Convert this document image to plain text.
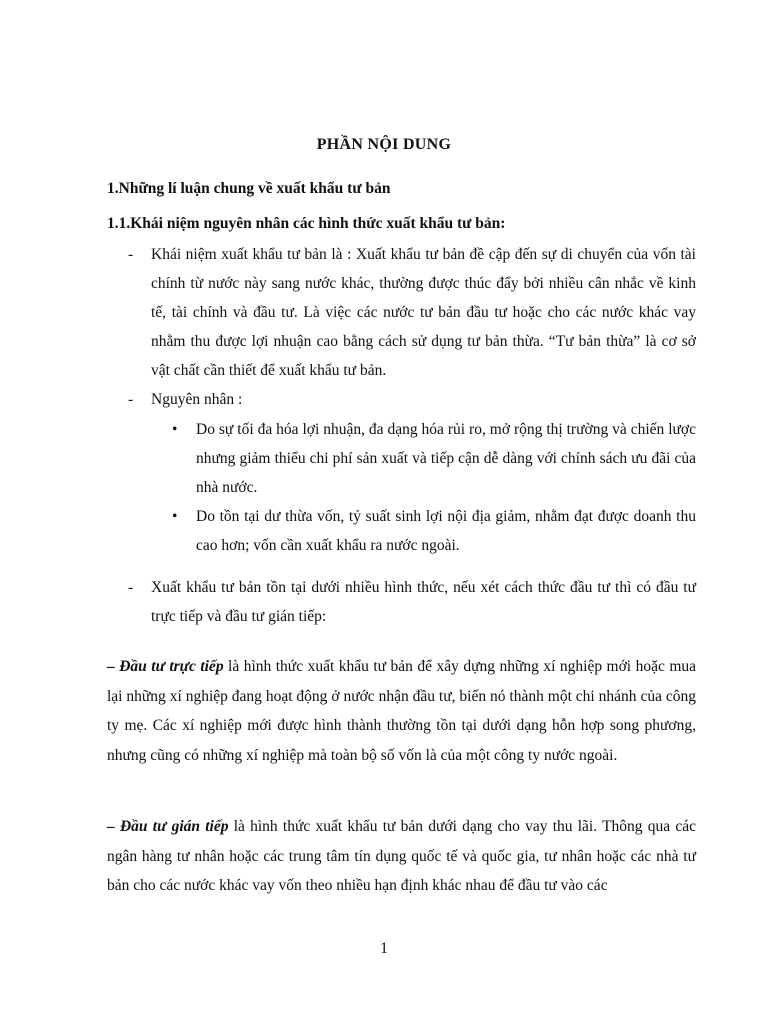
PHẦN NỘI DUNG
1.Những lí luận chung về xuất khẩu tư bản
1.1.Khái niệm nguyên nhân các hình thức xuất khẩu tư bản:
-	Khái niệm xuất khẩu tư bản là : Xuất khẩu tư bản đề cập đến sự di chuyển của vốn tài chính từ nước này sang nước khác, thường được thúc đẩy bởi nhiều cân nhắc về kinh tế, tài chính và đầu tư. Là việc các nước tư bản đầu tư hoặc cho các nước khác vay nhằm thu được lợi nhuận cao bằng cách sử dụng tư bản thừa. “Tư bản thừa” là cơ sở vật chất cần thiết để xuất khẩu tư bản.
-	Nguyên nhân :
• Do sự tối đa hóa lợi nhuận, đa dạng hóa rủi ro, mở rộng thị trường và chiến lược nhưng giảm thiểu chi phí sản xuất và tiếp cận dễ dàng với chính sách ưu đãi của nhà nước.
• Do tồn tại dư thừa vốn, tỷ suất sinh lợi nội địa giảm, nhằm đạt được doanh thu cao hơn; vốn cần xuất khẩu ra nước ngoài.
-	Xuất khẩu tư bản tồn tại dưới nhiều hình thức, nếu xét cách thức đầu tư thì có đầu tư trực tiếp và đầu tư gián tiếp:
– Đầu tư trực tiếp là hình thức xuất khẩu tư bản để xây dựng những xí nghiệp mới hoặc mua lại những xí nghiệp đang hoạt động ở nước nhận đầu tư, biến nó thành một chi nhánh của công ty mẹ. Các xí nghiệp mới được hình thành thường tồn tại dưới dạng hỗn hợp song phương, nhưng cũng có những xí nghiệp mà toàn bộ số vốn là của một công ty nước ngoài.
– Đầu tư gián tiếp là hình thức xuất khẩu tư bản dưới dạng cho vay thu lãi. Thông qua các ngân hàng tư nhân hoặc các trung tâm tín dụng quốc tế và quốc gia, tư nhân hoặc các nhà tư bản cho các nước khác vay vốn theo nhiều hạn định khác nhau để đầu tư vào các
1
